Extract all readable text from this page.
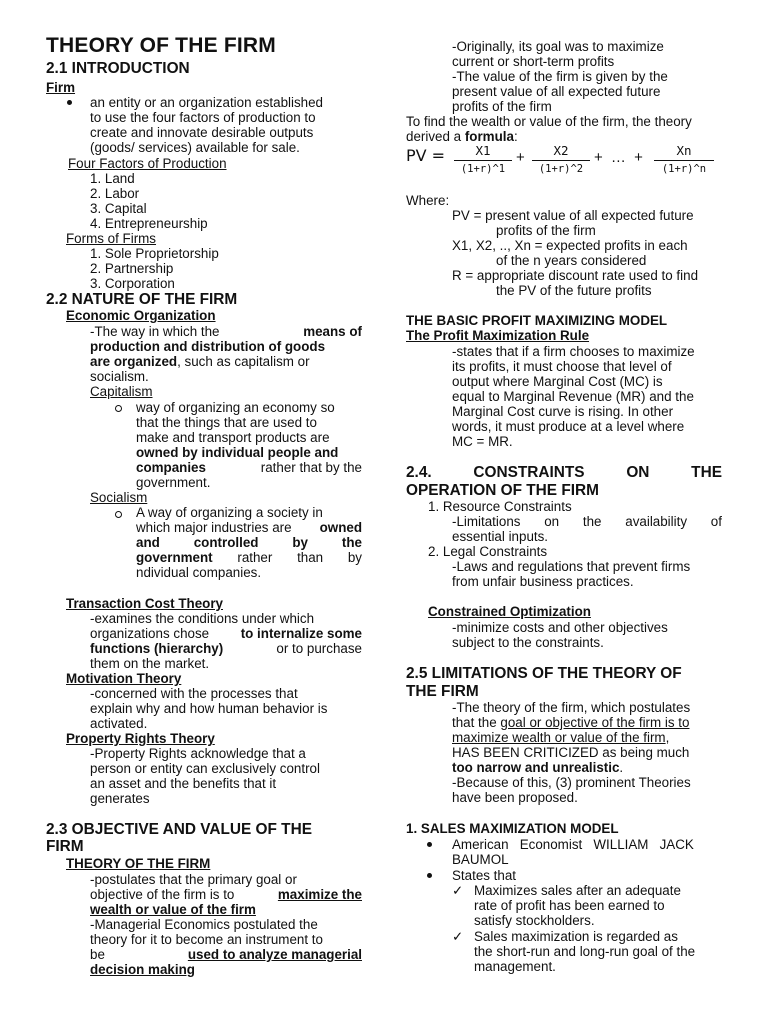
THEORY OF THE FIRM
2.1 INTRODUCTION
Firm
an entity or an organization established
to use the four factors of production to
create and innovate desirable outputs
(goods/ services) available for sale.
Four Factors of Production
1. Land
2. Labor
3. Capital
4. Entrepreneurship
Forms of Firms
1. Sole Proprietorship
2. Partnership
3. Corporation
2.2 NATURE OF THE FIRM
Economic Organization
-The way in which the	means of
production and distribution of goods
are organized, such as capitalism or
socialism.
Capitalism
way of organizing an economy so
that the things that are used to
make and transport products are
owned by individual people and
companies	rather that by the
government.
Socialism
A way of organizing a society in
which major industries are owned
and	controlled	by	the
government rather than by
ndividual companies.
Transaction Cost Theory
-examines the conditions under which
organizations chose to internalize some
functions (hierarchy)	or to purchase
them on the market.
Motivation Theory
-concerned with the processes that
explain why and how human behavior is
activated.
Property Rights Theory
-Property Rights acknowledge that a
person or entity can exclusively control
an asset and the benefits that it
generates
2.3 OBJECTIVE AND VALUE OF THE
FIRM
THEORY OF THE FIRM
-postulates that the primary goal or
objective of the firm is to	maximize the
wealth or value of the firm
-Managerial Economics postulated the
theory for it to become an instrument to
be	used to analyze managerial
decision making
-Originally, its goal was to maximize
current or short-term profits
-The value of the firm is given by the
present value of all expected future
profits of the firm
To find the wealth or value of the firm, the theory
derived a formula:
PV =	X1
(1+r)^1
+	X2
(1+r)^2
+ … +	Xn
(1+r)^n
Where:
PV = present value of all expected future
profits of the firm
X1, X2, .., Xn = expected profits in each
of the n years considered
R = appropriate discount rate used to find
the PV of the future profits
THE BASIC PROFIT MAXIMIZING MODEL
The Profit Maximization Rule
-states that if a firm chooses to maximize
its profits, it must choose that level of
output where Marginal Cost (MC) is
equal to Marginal Revenue (MR) and the
Marginal Cost curve is rising. In other
words, it must produce at a level where
MC = MR.
2.4.	CONSTRAINTS	ON	THE
OPERATION OF THE FIRM
1. Resource Constraints
-Limitations on the availability of
essential inputs.
2. Legal Constraints
-Laws and regulations that prevent firms
from unfair business practices.
Constrained Optimization
-minimize costs and other objectives
subject to the constraints.
2.5 LIMITATIONS OF THE THEORY OF
THE FIRM
-The theory of the firm, which postulates
that the goal or objective of the firm is to
maximize wealth or value of the firm,
HAS BEEN CRITICIZED as being much
too narrow and unrealistic.
-Because of this, (3) prominent Theories
have been proposed.
1. SALES MAXIMIZATION MODEL
American   Economist   WILLIAM   JACK
BAUMOL
States that
✓ Maximizes sales after an adequate
rate of profit has been earned to
satisfy stockholders.
✓ Sales maximization is regarded as
the short-run and long-run goal of the
management.
